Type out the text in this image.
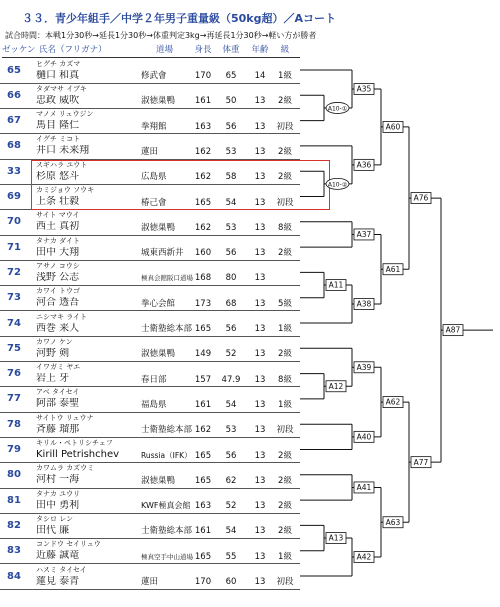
３３．青少年組手／中学２年男子重量級（50kg超）／Aコート
試合時間：本戦1分30秒→延長1分30秒→体重判定3kg→再延長1分30秒→軽い方が勝者
ゼッケン 氏名（フリガナ）	道場	身長	体重	年齢	級
65
ヒグチ カズマ
樋口 和真	修武會	170	65	14	1級
66
タダマサ イブキ
忠政 威吹	淑徳巣鴨	161	50	13	2級
67
マノメ リュウジン
馬目 隆仁	拳翔館	163	56	13	初段
68
イグチ ミコト
井口 未来翔	蓮田	162	53	13	2級
33
スギハラ ユウト
杉原 悠斗	広島県	162	58	13	2級
69
カミジョウ ソウキ
上条 壮毅	椿己會	165	54	13	初段
70
サイト マウイ
西土 真初	淑徳巣鴨	162	53	13	8級
71
タナカ ダイト
田中 大翔	城東西新井	160	56	13	2級
72
アサノ コウシ
浅野 公志	極真会館阪口道場 168	80	13
73
カワイ トウゴ
河合 透吾	拳心会館	173	68	13	5級
74
ニシマキ ライト
西巻 来人	士衛塾総本部 165	56	13	1級
75
カワノ ケン
河野 剣	淑徳巣鴨	149	52	13	2級
76
イワガミ ヤエ
岩上 牙	春日部	157	47.9	13	8級
77
アベ タイセイ
阿部 泰聖	福島県	161	54	13	1級
78
サイトウ リュウナ
斉藤 瑠那	士衛塾総本部 162	53	13	初段
79
キリル・ペトリシチェフ
Kirill Petrishchev	Russia（IFK） 165	56	13	2級
80
カワムラ カズウミ
河村 一海	淑徳巣鴨	165	62	13	2級
81
タナカ ユウリ
田中 勇利	KWF極真会館 163	52	13	2級
82
タシロ レン
田代 廉	士衛塾総本部 161	54	13	2級
83
コンドウ セイリュウ
近藤 誠竜	極真空手中山道場 165	55	13	1級
84
ハスミ タイセイ
蓮見 泰青	蓮田	170	60	13	初段
A10-①
A35
A10-②
A36
A60
A37
A11
A38
A61
A76
A12
A39
A40
A62
A41
A13
A42
A63
A77
A87
